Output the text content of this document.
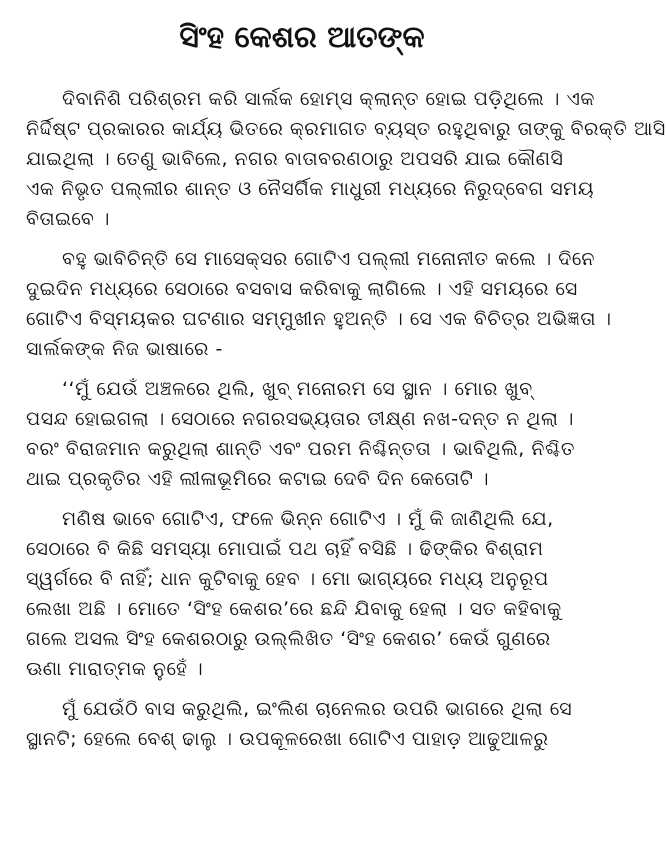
ସିଂହ କେଶର ଆତଙ୍କ

ଦିବାନିଶି ପରିଶ୍ରମ କରି ସାର୍ଲକ ହୋମ୍ସ କ୍ଲାନ୍ତ ହୋଇ ପଡ଼ିଥିଲେ । ଏକ
ନିର୍ଦ୍ଦିଷ୍ଟ ପ୍ରକାରର କାର୍ଯ୍ୟ ଭିତରେ କ୍ରମାଗତ ବ୍ୟସ୍ତ ରହୁଥିବାରୁ ତାଙ୍କୁ ବିରକ୍ତି ଆସି
ଯାଇଥିଲା । ତେଣୁ ଭାବିଲେ, ନଗର ବାତାବରଣଠାରୁ ଅପସରି ଯାଇ କୌଣସି
ଏକ ନିଭୃତ ପଲ୍ଲୀର ଶାନ୍ତ ଓ ନୈସର୍ଗିକ ମାଧୁରୀ ମଧ୍ୟରେ ନିରୁଦ୍‌ବେଗ ସମୟ
ବିତାଇବେ ।

ବହୁ ଭାବିଚିନ୍ତି ସେ ମାସେକ୍ସର ଗୋଟିଏ ପଲ୍ଲୀ ମନୋନୀତ କଲେ । ଦିନେ
ଦୁଇଦିନ ମଧ୍ୟରେ ସେଠାରେ ବସବାସ କରିବାକୁ ଲାଗିଲେ । ଏହି ସମୟରେ ସେ
ଗୋଟିଏ ବିସ୍ମୟକର ଘଟଣାର ସମ୍ମୁଖୀନ ହୁଅନ୍ତି । ସେ ଏକ ବିଚିତ୍ର ଅଭିଜ୍ଞତା ।
ସାର୍ଲକଙ୍କ ନିଜ ଭାଷାରେ -

‘‘ମୁଁ ଯେଉଁ ଅଞ୍ଚଳରେ ଥିଲି, ଖୁବ୍ ମନୋରମ ସେ ସ୍ଥାନ । ମୋର ଖୁବ୍
ପସନ୍ଦ ହୋଇଗଲା । ସେଠାରେ ନଗରସଭ୍ୟତାର ତୀକ୍ଷ୍ଣ ନଖ-ଦନ୍ତ ନ ଥିଲା ।
ବରଂ ବିରାଜମାନ କରୁଥିଲା ଶାନ୍ତି ଏବଂ ପରମ ନିଶ୍ଚିନ୍ତତା । ଭାବିଥିଲି, ନିଶ୍ଚିତ
ଥାଇ ପ୍ରକୃତିର ଏହି ଲୀଳାଭୂମିରେ କଟାଇ ଦେବି ଦିନ କେତୋଟି ।

ମଣିଷ ଭାବେ ଗୋଟିଏ, ଫଳେ ଭିନ୍ନ ଗୋଟିଏ । ମୁଁ କି ଜାଣିଥିଲି ଯେ,
ସେଠାରେ ବି କିଛି ସମସ୍ୟା ମୋପାଇଁ ପଥ ଚାହିଁ ବସିଛି । ଢିଙ୍କିର ବିଶ୍ରାମ
ସ୍ୱର୍ଗରେ ବି ନାହିଁ; ଧାନ କୁଟିବାକୁ ହେବ । ମୋ ଭାଗ୍ୟରେ ମଧ୍ୟ ଅନୁରୂପ
ଲେଖା ଅଛି । ମୋତେ ‘ସିଂହ କେଶର’ରେ ଛନ୍ଦି ଯିବାକୁ ହେଲା । ସତ କହିବାକୁ
ଗଲେ ଅସଲ ସିଂହ କେଶରଠାରୁ ଉଲ୍ଲିଖିତ ‘ସିଂହ କେଶର’ କେଉଁ ଗୁଣରେ
ଊଣା ମାରାତ୍ମକ ନୁହେଁ ।

ମୁଁ ଯେଉଁଠି ବାସ କରୁଥିଲି, ଇଂଲିଶ ଚାନେଲର ଉପରି ଭାଗରେ ଥିଲା ସେ
ସ୍ଥାନଟି; ହେଲେ ବେଶ୍ ଢାଲୁ । ଉପକୂଳରେଖା ଗୋଟିଏ ପାହାଡ଼ ଆଢୁଆଳରୁ
